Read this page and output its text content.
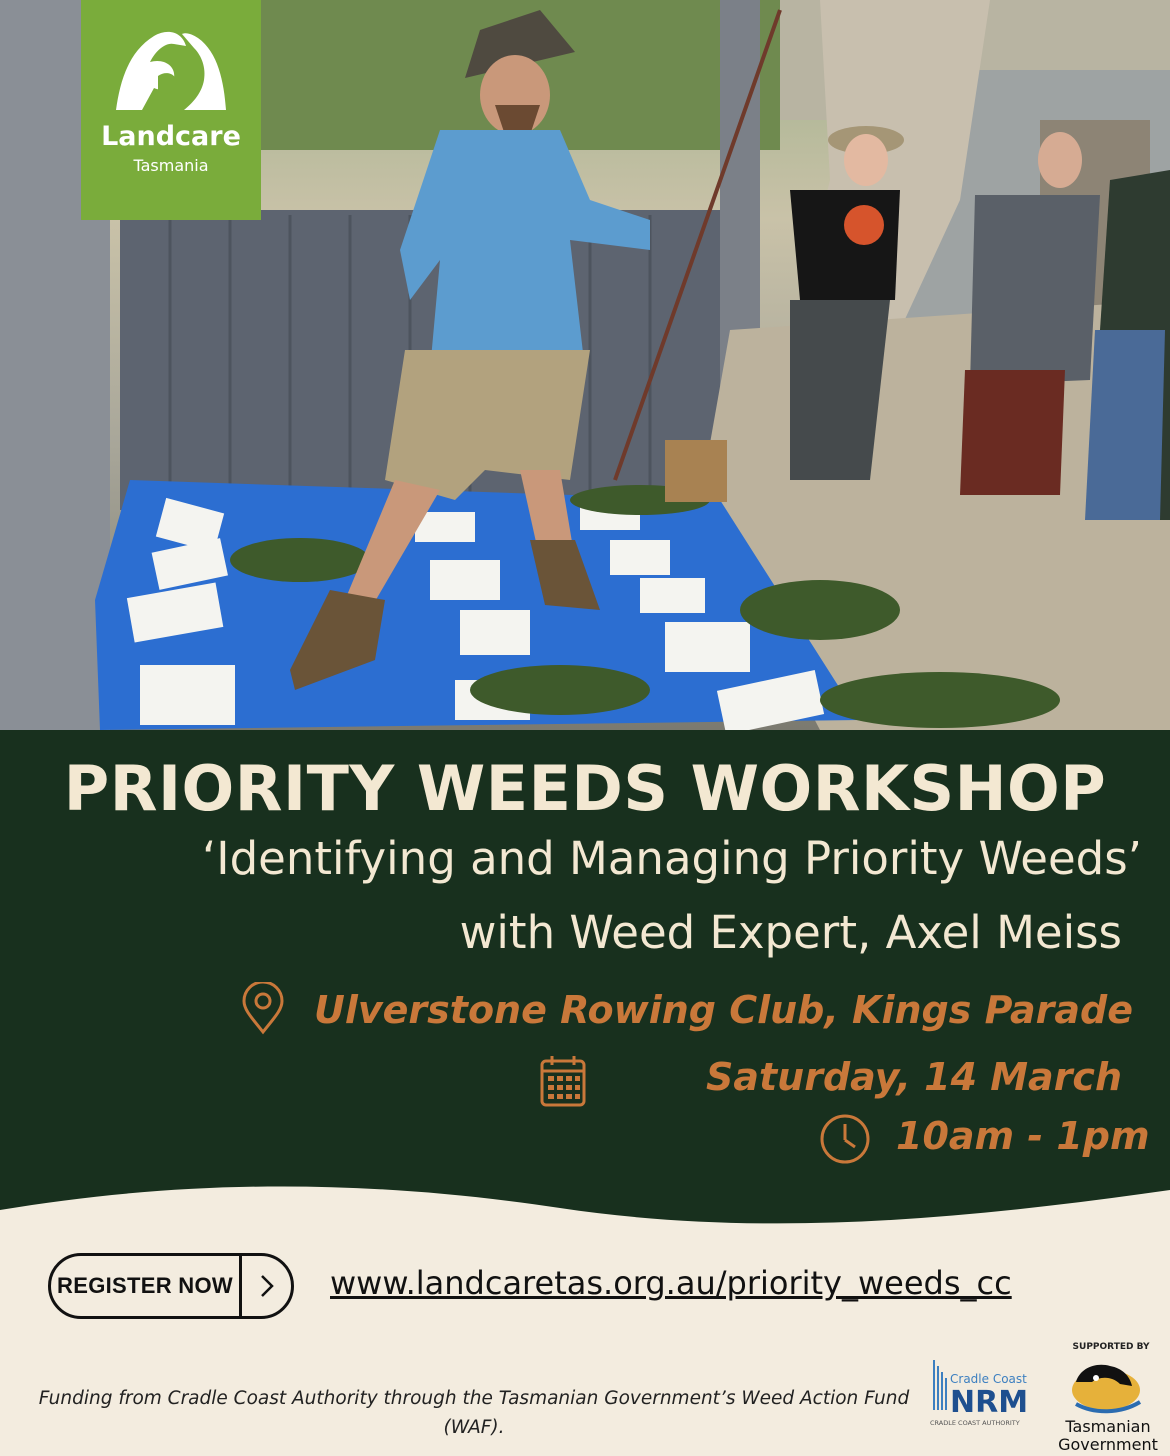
Landcare
Tasmania
PRIORITY WEEDS WORKSHOP
‘Identifying and Managing Priority Weeds’
with Weed Expert, Axel Meiss
Ulverstone Rowing Club, Kings Parade
Saturday, 14 March
10am - 1pm
REGISTER NOW	www.landcaretas.org.au/priority_weeds_cc
Funding from Cradle Coast Authority through the Tasmanian Government’s Weed Action Fund (WAF).
Cradle Coast
NRM
CRADLE COAST AUTHORITY
SUPPORTED BY
Tasmanian
Government
